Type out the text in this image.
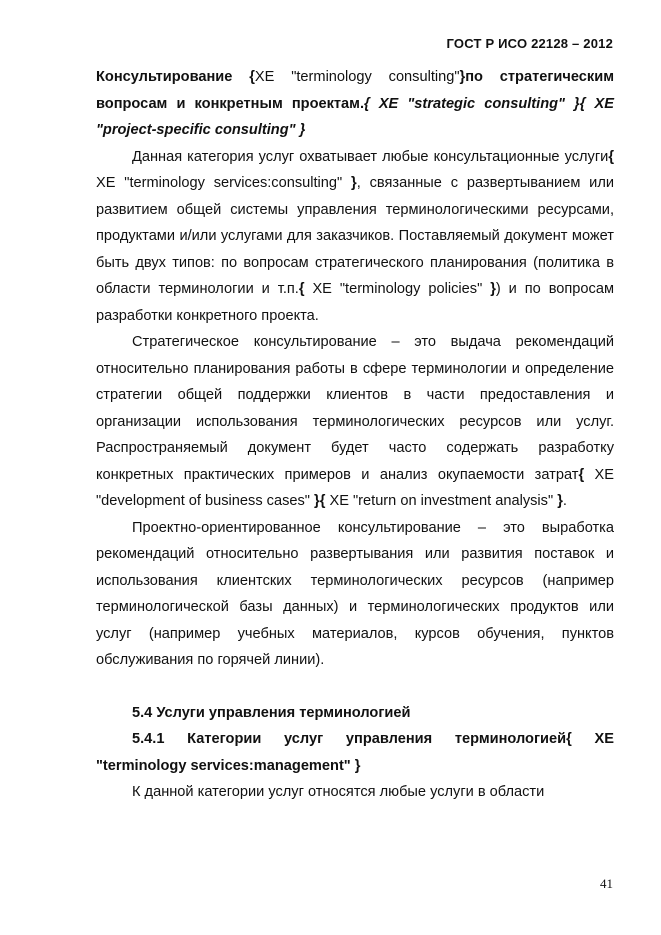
ГОСТ Р ИСО 22128 – 2012

Консультирование {XE "terminology consulting"}по стратегическим вопросам и конкретным проектам.{ XE "strategic consulting" }{ XE "project-specific consulting" }

Данная категория услуг охватывает любые консультационные услуги{ XE "terminology services:consulting" }, связанные с развертыванием или развитием общей системы управления терминологическими ресурсами, продуктами и/или услугами для заказчиков. Поставляемый документ может быть двух типов: по вопросам стратегического планирования (политика в области терминологии и т.п.{ XE "terminology policies" }) и по вопросам разработки конкретного проекта.

Стратегическое консультирование – это выдача рекомендаций относительно планирования работы в сфере терминологии и определение стратегии общей поддержки клиентов в части предоставления и организации использования терминологических ресурсов или услуг. Распространяемый документ будет часто содержать разработку конкретных практических примеров и анализ окупаемости затрат{ XE "development of business cases" }{ XE "return on investment analysis" }.

Проектно-ориентированное консультирование – это выработка рекомендаций относительно развертывания или развития поставок и использования клиентских терминологических ресурсов (например терминологической базы данных) и терминологических продуктов или услуг (например учебных материалов, курсов обучения, пунктов обслуживания по горячей линии).

5.4 Услуги управления терминологией

5.4.1 Категории услуг управления терминологией{ XE "terminology services:management" }

К данной категории услуг относятся любые услуги в области

41
